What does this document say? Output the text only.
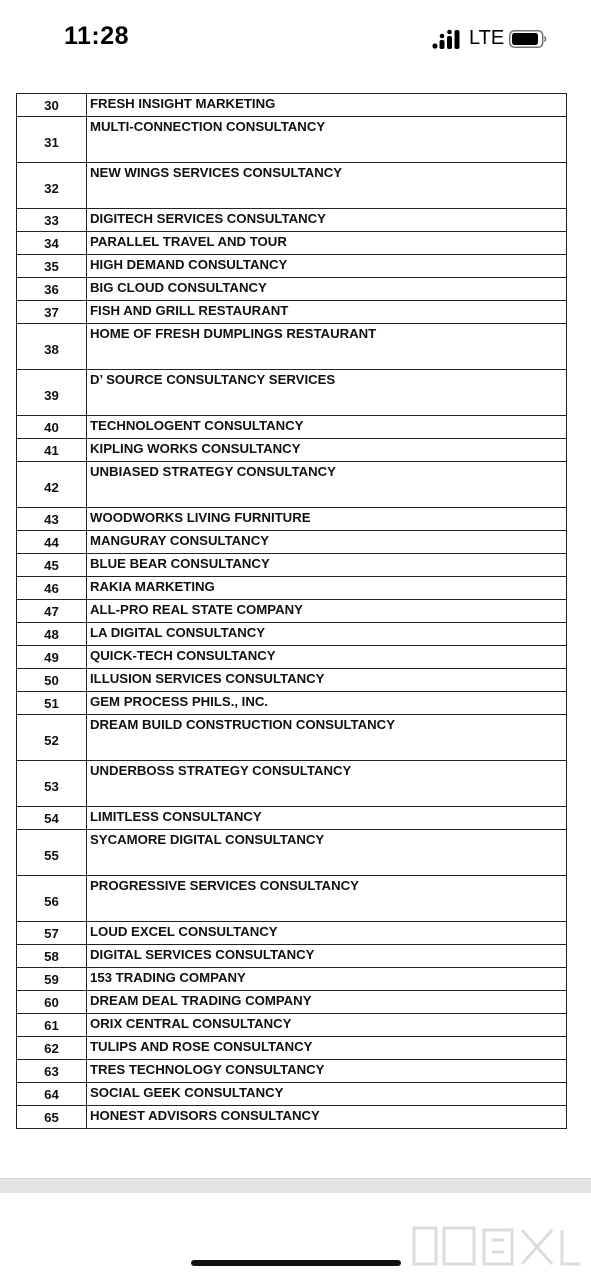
11:28	LTE
30	FRESH INSIGHT MARKETING
31	MULTI-CONNECTION CONSULTANCY
32	NEW WINGS SERVICES CONSULTANCY
33	DIGITECH SERVICES CONSULTANCY
34	PARALLEL TRAVEL AND TOUR
35	HIGH DEMAND CONSULTANCY
36	BIG CLOUD CONSULTANCY
37	FISH AND GRILL RESTAURANT
38	HOME OF FRESH DUMPLINGS RESTAURANT
39	D’ SOURCE CONSULTANCY SERVICES
40	TECHNOLOGENT CONSULTANCY
41	KIPLING WORKS CONSULTANCY
42	UNBIASED STRATEGY CONSULTANCY
43	WOODWORKS LIVING FURNITURE
44	MANGURAY CONSULTANCY
45	BLUE BEAR CONSULTANCY
46	RAKIA MARKETING
47	ALL-PRO REAL STATE COMPANY
48	LA DIGITAL CONSULTANCY
49	QUICK-TECH CONSULTANCY
50	ILLUSION SERVICES CONSULTANCY
51	GEM PROCESS PHILS., INC.
52	DREAM BUILD CONSTRUCTION CONSULTANCY
53	UNDERBOSS STRATEGY CONSULTANCY
54	LIMITLESS CONSULTANCY
55	SYCAMORE DIGITAL CONSULTANCY
56	PROGRESSIVE SERVICES CONSULTANCY
57	LOUD EXCEL CONSULTANCY
58	DIGITAL SERVICES CONSULTANCY
59	153 TRADING COMPANY
60	DREAM DEAL TRADING COMPANY
61	ORIX CENTRAL CONSULTANCY
62	TULIPS AND ROSE CONSULTANCY
63	TRES TECHNOLOGY CONSULTANCY
64	SOCIAL GEEK CONSULTANCY
65	HONEST ADVISORS CONSULTANCY
